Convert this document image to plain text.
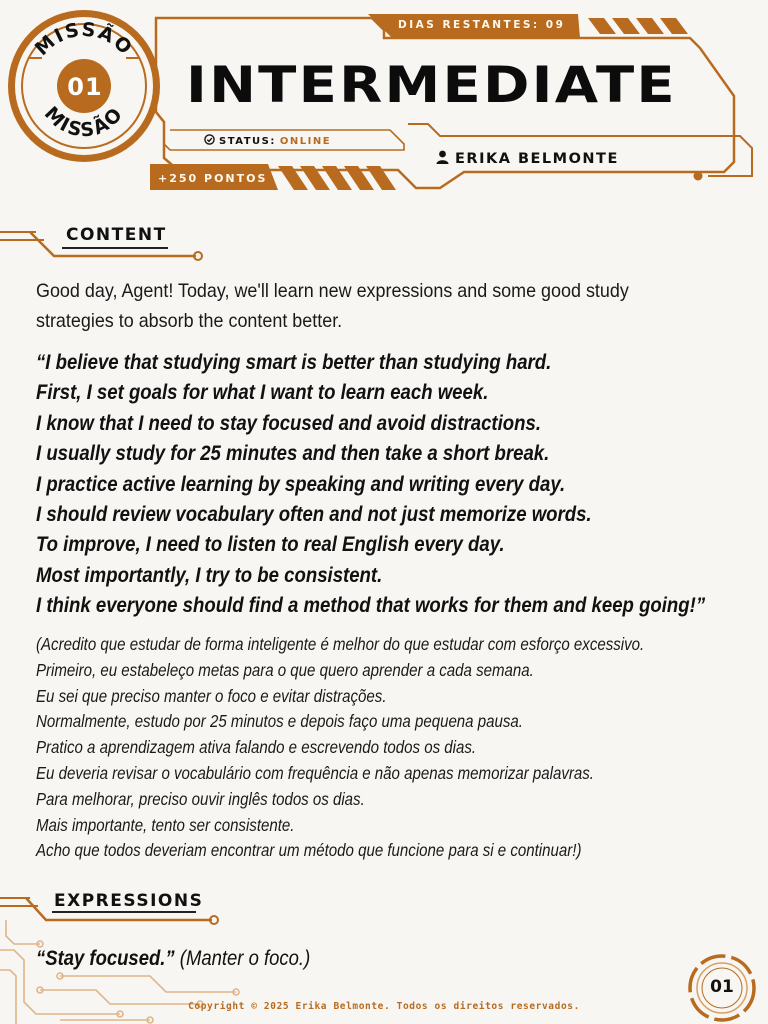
MISSÃO
MISSÃO
01
DIAS RESTANTES: 09
INTERMEDIATE
STATUS: ONLINE
ERIKA BELMONTE
+250 PONTOS
CONTENT
Good day, Agent! Today, we'll learn new expressions and some good study strategies to absorb the content better.
“I believe that studying smart is better than studying hard.
First, I set goals for what I want to learn each week.
I know that I need to stay focused and avoid distractions.
I usually study for 25 minutes and then take a short break.
I practice active learning by speaking and writing every day.
I should review vocabulary often and not just memorize words.
To improve, I need to listen to real English every day.
Most importantly, I try to be consistent.
I think everyone should find a method that works for them and keep going!”
(Acredito que estudar de forma inteligente é melhor do que estudar com esforço excessivo.
Primeiro, eu estabeleço metas para o que quero aprender a cada semana.
Eu sei que preciso manter o foco e evitar distrações.
Normalmente, estudo por 25 minutos e depois faço uma pequena pausa.
Pratico a aprendizagem ativa falando e escrevendo todos os dias.
Eu deveria revisar o vocabulário com frequência e não apenas memorizar palavras.
Para melhorar, preciso ouvir inglês todos os dias.
Mais importante, tento ser consistente.
Acho que todos deveriam encontrar um método que funcione para si e continuar!)
EXPRESSIONS
“Stay focused.” (Manter o foco.)
Copyright © 2025 Erika Belmonte. Todos os direitos reservados.
01
